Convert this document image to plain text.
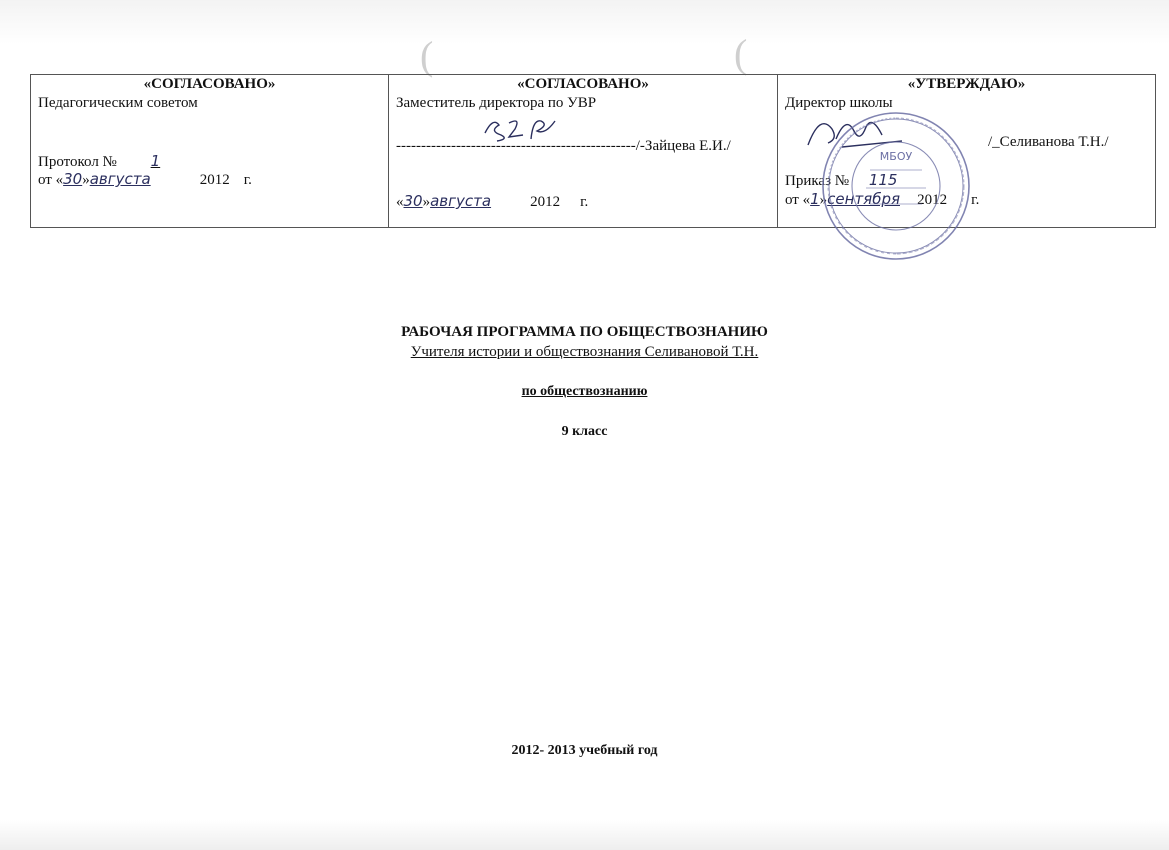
(	(
«СОГЛАСОВАНО»
Педагогическим советом
Протокол № 1
от «30»августа	2012 г.

«СОГЛАСОВАНО»
Заместитель директора по УВР
------------------------------------------------/-Зайцева Е.И./
«30»августа	2012 г.

«УТВЕРЖДАЮ»
Директор школы
/_Селиванова Т.Н./
Приказ № 115
от «1»сентября 2012 г.
МБОУ
РАБОЧАЯ ПРОГРАММА ПО ОБЩЕСТВОЗНАНИЮ
Учителя истории и обществознания Селивановой Т.Н.
по обществознанию
9 класс
2012- 2013 учебный год
